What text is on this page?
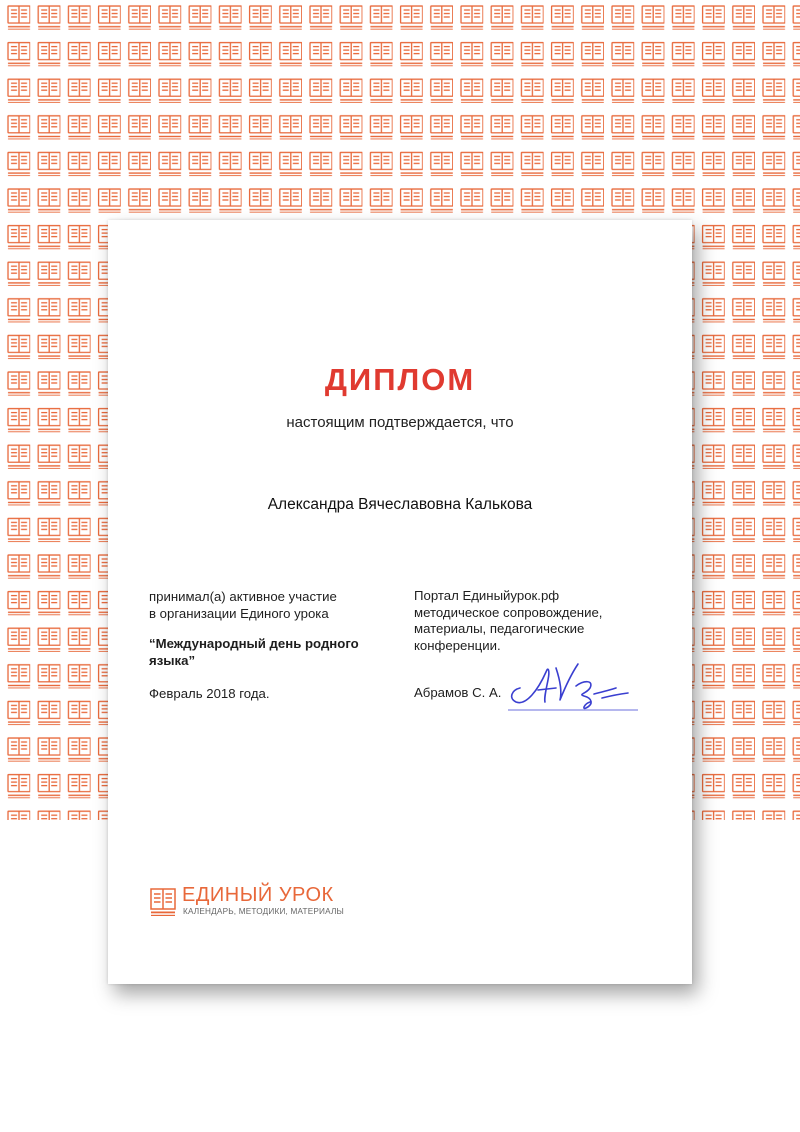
ДИПЛОМ
настоящим подтверждается, что
Александра Вячеславовна Калькова
принимал(а) активное участие
в организации Единого урока
“Международный день родного
языка”
Февраль 2018 года.
Портал Единыйурок.рф
методическое сопровождение,
материалы, педагогические
конференции.
Абрамов С. А.
ЕДИНЫЙ УРОК
КАЛЕНДАРЬ, МЕТОДИКИ, МАТЕРИАЛЫ
